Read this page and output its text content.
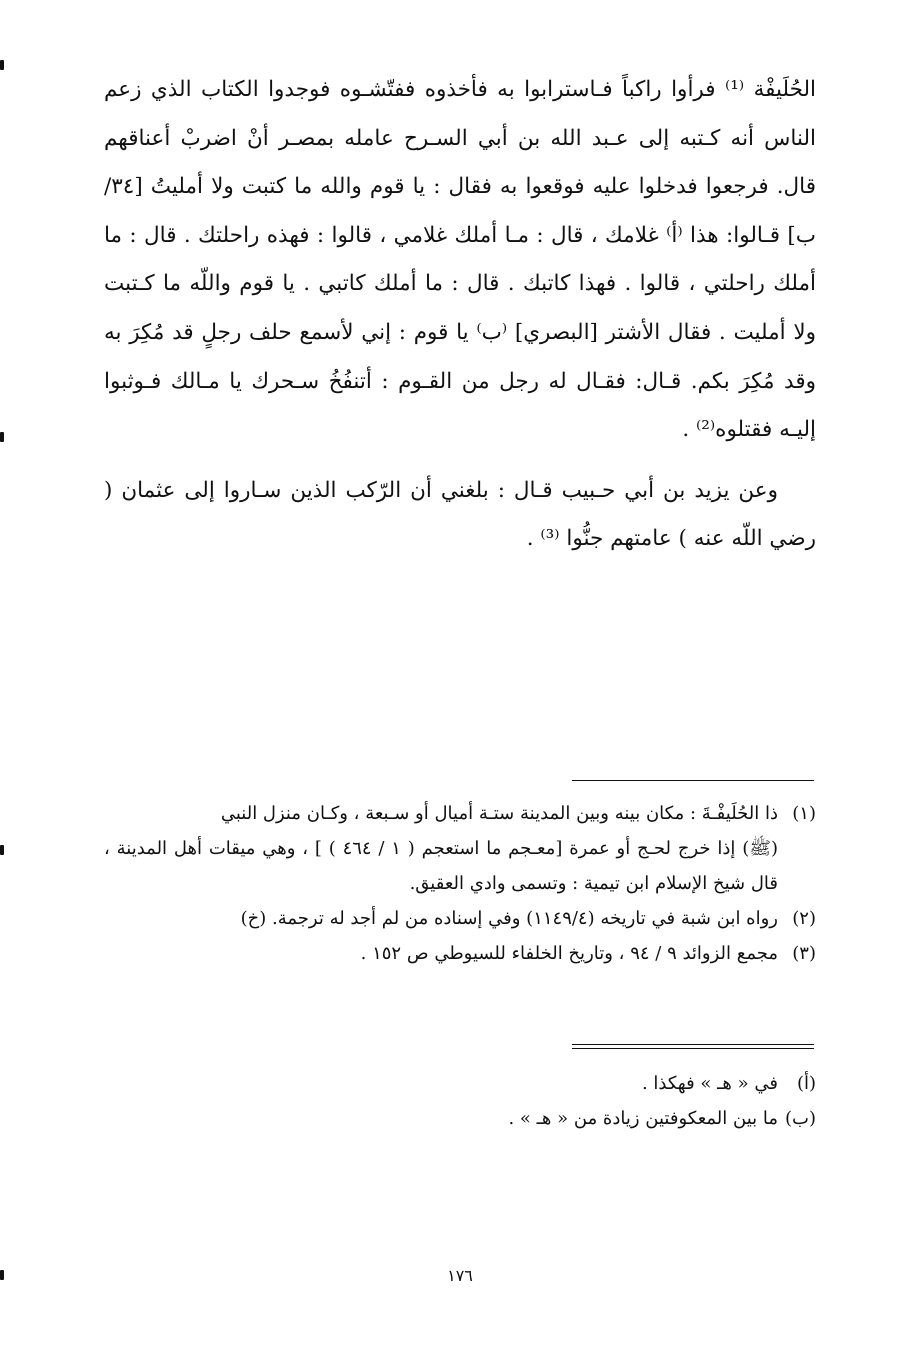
الحُلَيفْة ⁽¹⁾ فرأوا راكباً فـاسترابوا به فأخذوه ففتّشـوه فوجدوا الكتاب الذي زعم الناس أنه كـتبه إلى عـبد الله بن أبي السـرح عامله بمصـر أنْ اضربْ أعناقهم قال. فرجعوا فدخلوا عليه فوقعوا به فقال : يا قوم والله ما كتبت ولا أمليتُ [٣٤/ب] قـالوا: هذا ⁽أ⁾ غلامك ، قال : مـا أملك غلامي ، قالوا : فهذه راحلتك . قال : ما أملك راحلتي ، قالوا . فهذا كاتبك . قال : ما أملك كاتبي . يا قوم واللّه ما كـتبت ولا أمليت . فقال الأشتر [البصري] ⁽ب⁾ يا قوم : إني لأسمع حلف رجلٍ قد مُكِرَ به وقد مُكِرَ بكم. قـال: فقـال له رجل من القـوم : أتنفُخُ سـحرك يا مـالك فـوثبوا إليـه فقتلوه⁽²⁾ .

وعن يزيد بن أبي حـبيب قـال : بلغني أن الرّكب الذين سـاروا إلى عثمان ( رضي اللّه عنه ) عامتهم جنُّوا ⁽³⁾ .

(١)ذا الحُلَيفْـةَ : مكان بينه وبين المدينة ستـة أميال أو سـبعة ، وكـان منزل النبي

(ﷺ) إذا خرج لحـج أو عمرة [معـجم ما استعجم ( ١ / ٤٦٤ ) ] ، وهي ميقات أهل المدينة ، قال شيخ الإسلام ابن تيمية : وتسمى وادي العقيق.

(٢)رواه ابن شبة في تاريخه (١١٤٩/٤) وفي إسناده من لم أجد له ترجمة. (خ)

(٣)مجمع الزوائد ٩ / ٩٤ ، وتاريخ الخلفاء للسيوطي ص ١٥٢ .

(أ)في « هـ » فهكذا .

(ب)ما بين المعكوفتين زيادة من « هـ » .

١٧٦
